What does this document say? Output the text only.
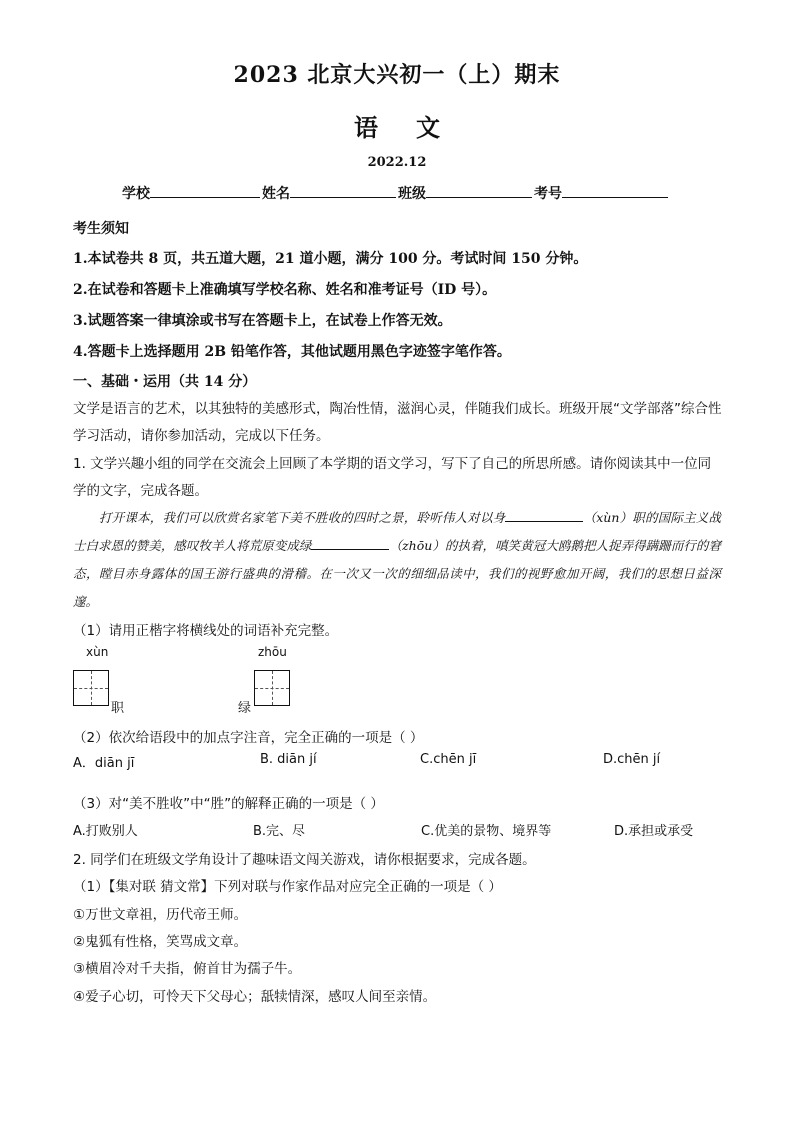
2023 北京大兴初一（上）期末
语文
2022.12
学校	姓名	班级	考号
考生须知
1.本试卷共 8 页，共五道大题，21 道小题，满分 100 分。考试时间 150 分钟。
2.在试卷和答题卡上准确填写学校名称、姓名和准考证号（ID 号）。
3.试题答案一律填涂或书写在答题卡上，在试卷上作答无效。
4.答题卡上选择题用 2B 铅笔作答，其他试题用黑色字迹签字笔作答。
一、基础・运用（共 14 分）
文学是语言的艺术，以其独特的美感形式，陶冶性情，滋润心灵，伴随我们成长。班级开展“文学部落”综合性学习活动，请你参加活动，完成以下任务。
1. 文学兴趣小组的同学在交流会上回顾了本学期的语文学习，写下了自己的所思所感。请你阅读其中一位同学的文字，完成各题。
打开课本，我们可以欣赏名家笔下美不胜收的四时之景，聆听伟人对以身	（xùn）职的国际主义战士白求恩的赞美，感叹牧羊人将荒原变成绿	（zhōu）的执着，嗔笑黄冠大鸥鹅把人捉弄得蹒跚而行的窘态，瞠目赤身露体的国王游行盛典的滑稽。在一次又一次的细细品读中，我们的视野愈加开阔，我们的思想日益深邃。
（1）请用正楷字将横线处的词语补充完整。
xùn
职
zhōu
绿
（2）依次给语段中的加点字注音，完全正确的一项是（ ）
A．diān jī	B. diān jí	C.chēn jī	D.chēn jí
（3）对“美不胜收”中“胜”的解释正确的一项是（ ）
A.打败别人	B.完、尽	C.优美的景物、境界等	D.承担或承受
2. 同学们在班级文学角设计了趣味语文闯关游戏，请你根据要求，完成各题。
（1）【集对联 猜文常】下列对联与作家作品对应完全正确的一项是（ ）
①万世文章祖，历代帝王师。
②鬼狐有性格，笑骂成文章。
③横眉冷对千夫指，俯首甘为孺子牛。
④爱子心切，可怜天下父母心；舐犊情深，感叹人间至亲情。
